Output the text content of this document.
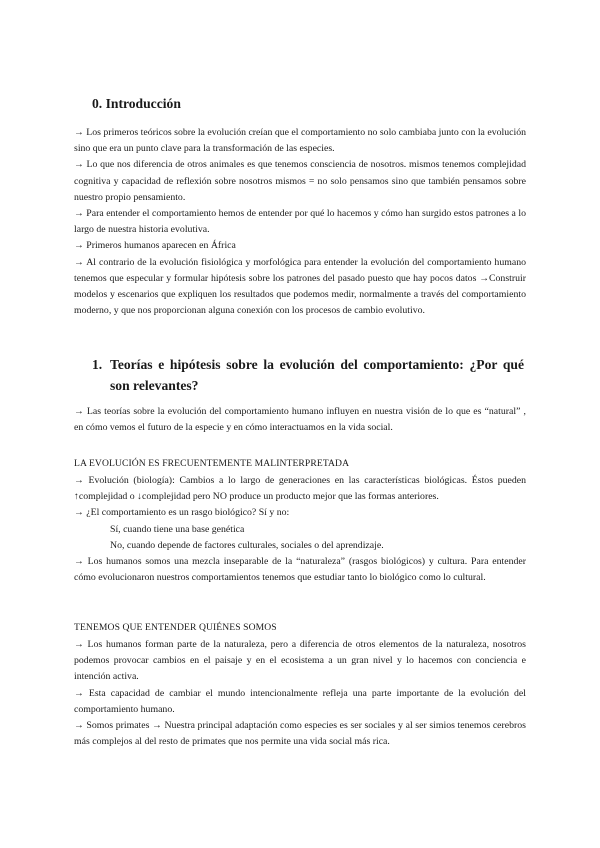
0. Introducción

→ Los primeros teóricos sobre la evolución creían que el comportamiento no solo cambiaba junto con la evolución sino que era un punto clave para la transformación de las especies.

→ Lo que nos diferencia de otros animales es que tenemos consciencia de nosotros. mismos tenemos complejidad cognitiva y capacidad de reflexión sobre nosotros mismos = no solo pensamos sino que también pensamos sobre nuestro propio pensamiento.

→ Para entender el comportamiento hemos de entender por qué lo hacemos y cómo han surgido estos patrones a lo largo de nuestra historia evolutiva.

→ Primeros humanos aparecen en África

→ Al contrario de la evolución fisiológica y morfológica para entender la evolución del comportamiento humano tenemos que especular y formular hipótesis sobre los patrones del pasado puesto que hay pocos datos →Construir modelos y escenarios que expliquen los resultados que podemos medir, normalmente a través del comportamiento moderno, y que nos proporcionan alguna conexión con los procesos de cambio evolutivo.

1. Teorías e hipótesis sobre la evolución del comportamiento: ¿Por qué son relevantes?

→ Las teorías sobre la evolución del comportamiento humano influyen en nuestra visión de lo que es “natural” , en cómo vemos el futuro de la especie y en cómo interactuamos en la vida social.

LA EVOLUCIÓN ES FRECUENTEMENTE MALINTERPRETADA

→ Evolución (biología): Cambios a lo largo de generaciones en las características biológicas. Éstos pueden ↑complejidad o ↓complejidad pero NO produce un producto mejor que las formas anteriores.

→ ¿El comportamiento es un rasgo biológico? Sí y no:

Sí, cuando tiene una base genética

No, cuando depende de factores culturales, sociales o del aprendizaje.

→ Los humanos somos una mezcla inseparable de la “naturaleza” (rasgos biológicos) y cultura. Para entender cómo evolucionaron nuestros comportamientos tenemos que estudiar tanto lo biológico como lo cultural.

TENEMOS QUE ENTENDER QUIÉNES SOMOS

→ Los humanos forman parte de la naturaleza, pero a diferencia de otros elementos de la naturaleza, nosotros podemos provocar cambios en el paisaje y en el ecosistema a un gran nivel y lo hacemos con conciencia e intención activa.

→ Esta capacidad de cambiar el mundo intencionalmente refleja una parte importante de la evolución del comportamiento humano.

→ Somos primates → Nuestra principal adaptación como especies es ser sociales y al ser simios tenemos cerebros más complejos al del resto de primates que nos permite una vida social más rica.
